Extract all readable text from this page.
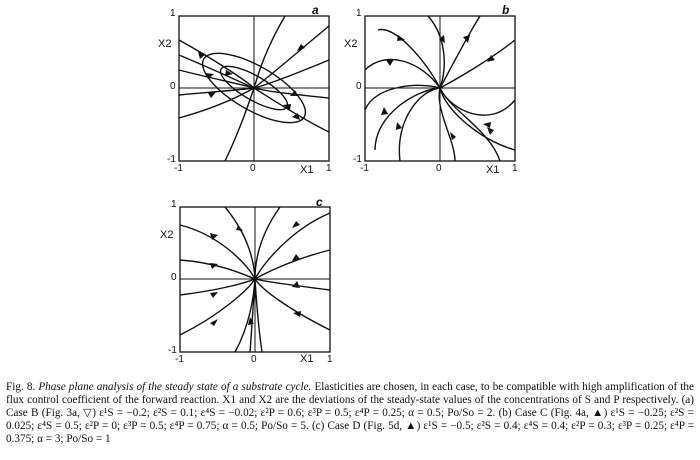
a
X2
X1
1
0
-1
-1	0	1
b
X2
X1
1
0
-1
-1	0	1
c
X2
X1
1
0
-1
-1	0	1
Fig. 8. Phase plane analysis of the steady state of a substrate cycle. Elasticities are chosen, in each case, to be compatible with high amplification of the flux control coefficient of the forward reaction. X1 and X2 are the deviations of the steady-state values of the concentrations of S and P respectively. (a) Case B (Fig. 3a, ▽) ε¹S = −0.2; ε²S = 0.1; ε⁴S = −0.02; ε²P = 0.6; ε³P = 0.5; ε⁴P = 0.25; α = 0.5; Po/So = 2. (b) Case C (Fig. 4a, ▲) ε¹S = −0.25; ε²S = 0.025; ε⁴S = 0.5; ε²P = 0; ε³P = 0.5; ε⁴P = 0.75; α = 0.5; Po/So = 5. (c) Case D (Fig. 5d, ▲) ε¹S = −0.5; ε²S = 0.4; ε⁴S = 0.4; ε²P = 0.3; ε³P = 0.25; ε⁴P = 0.375; α = 3; Po/So = 1
